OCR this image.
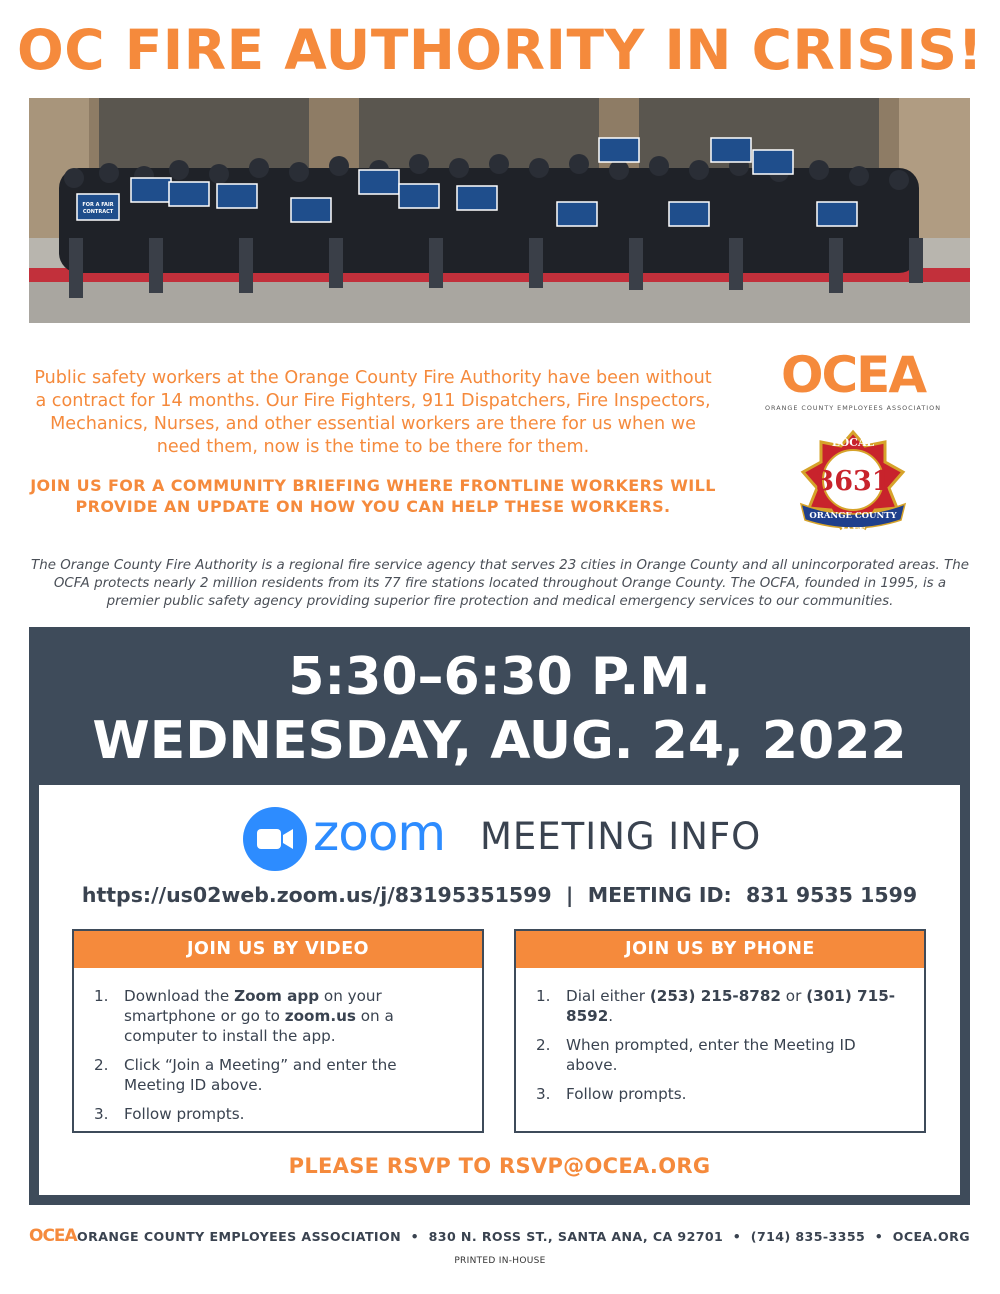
OC FIRE AUTHORITY IN CRISIS!
FOR A FAIR
CONTRACT
Public safety workers at the Orange County Fire Authority have been without a contract for 14 months. Our Fire Fighters, 911 Dispatchers, Fire Inspectors, Mechanics, Nurses, and other essential workers are there for us when we need them, now is the time to be there for them.
JOIN US FOR A COMMUNITY BRIEFING WHERE FRONTLINE WORKERS WILL PROVIDE AN UPDATE ON HOW YOU CAN HELP THESE WORKERS.
OCEA
ORANGE COUNTY EMPLOYEES ASSOCIATION
LOCAL
3631
ORANGE COUNTY
IAFF
The Orange County Fire Authority is a regional fire service agency that serves 23 cities in Orange County and all unincorporated areas. The OCFA protects nearly 2 million residents from its 77 fire stations located throughout Orange County. The OCFA, founded in 1995, is a premier public safety agency providing superior fire protection and medical emergency services to our communities.
5:30–6:30 P.M.
WEDNESDAY, AUG. 24, 2022
zoom MEETING INFO
https://us02web.zoom.us/j/83195351599  |  MEETING ID:  831 9535 1599
JOIN US BY VIDEO
1. Download the Zoom app on your smartphone or go to zoom.us on a computer to install the app.
2. Click “Join a Meeting” and enter the Meeting ID above.
3. Follow prompts.
JOIN US BY PHONE
1. Dial either (253) 215-8782 or (301) 715-8592.
2. When prompted, enter the Meeting ID above.
3. Follow prompts.
PLEASE RSVP TO RSVP@OCEA.ORG
OCEA ORANGE COUNTY EMPLOYEES ASSOCIATION  •  830 N. ROSS ST., SANTA ANA, CA 92701  •  (714) 835-3355  •  OCEA.ORG
PRINTED IN-HOUSE
